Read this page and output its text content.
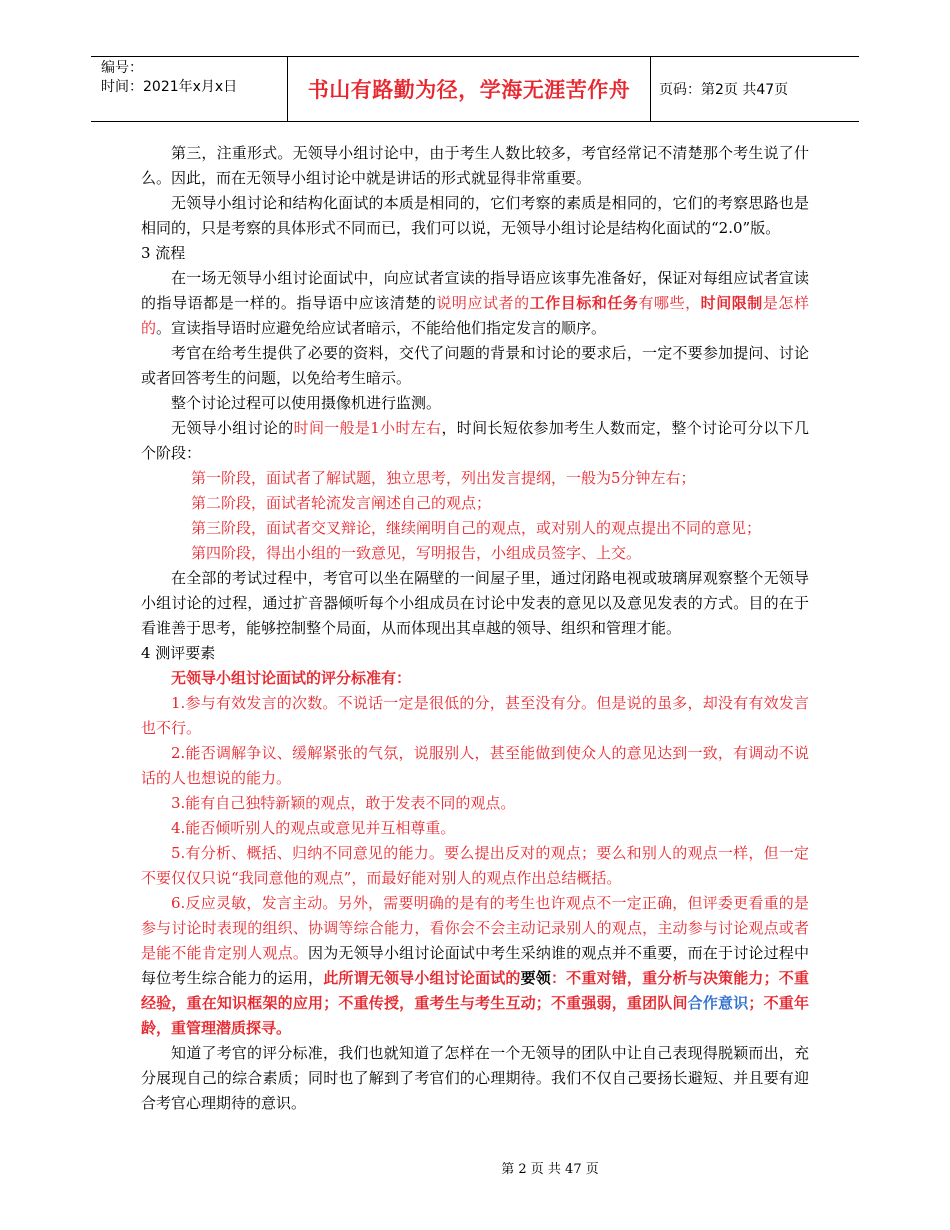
编号：
时间：2021年x月x日	书山有路勤为径，学海无涯苦作舟	页码：第2页 共47页

第三，注重形式。无领导小组讨论中，由于考生人数比较多，考官经常记不清楚那个考生说了什么。因此，而在无领导小组讨论中就是讲话的形式就显得非常重要。

无领导小组讨论和结构化面试的本质是相同的，它们考察的素质是相同的，它们的考察思路也是相同的，只是考察的具体形式不同而已，我们可以说，无领导小组讨论是结构化面试的“2.0”版。

3 流程

在一场无领导小组讨论面试中，向应试者宣读的指导语应该事先准备好，保证对每组应试者宣读的指导语都是一样的。指导语中应该清楚的说明应试者的工作目标和任务有哪些，时间限制是怎样的。宣读指导语时应避免给应试者暗示，不能给他们指定发言的顺序。

考官在给考生提供了必要的资料，交代了问题的背景和讨论的要求后，一定不要参加提问、讨论或者回答考生的问题，以免给考生暗示。

整个讨论过程可以使用摄像机进行监测。

无领导小组讨论的时间一般是1小时左右，时间长短依参加考生人数而定，整个讨论可分以下几个阶段：

第一阶段，面试者了解试题，独立思考，列出发言提纲，一般为5分钟左右；

第二阶段，面试者轮流发言阐述自己的观点；

第三阶段，面试者交叉辩论，继续阐明自己的观点，或对别人的观点提出不同的意见；

第四阶段，得出小组的一致意见，写明报告，小组成员签字、上交。

在全部的考试过程中，考官可以坐在隔壁的一间屋子里，通过闭路电视或玻璃屏观察整个无领导小组讨论的过程，通过扩音器倾听每个小组成员在讨论中发表的意见以及意见发表的方式。目的在于看谁善于思考，能够控制整个局面，从而体现出其卓越的领导、组织和管理才能。

4 测评要素

无领导小组讨论面试的评分标准有：

1.参与有效发言的次数。不说话一定是很低的分，甚至没有分。但是说的虽多，却没有有效发言也不行。

2.能否调解争议、缓解紧张的气氛，说服别人，甚至能做到使众人的意见达到一致，有调动不说话的人也想说的能力。

3.能有自己独特新颖的观点，敢于发表不同的观点。

4.能否倾听别人的观点或意见并互相尊重。

5.有分析、概括、归纳不同意见的能力。要么提出反对的观点；要么和别人的观点一样，但一定不要仅仅只说“我同意他的观点”，而最好能对别人的观点作出总结概括。

6.反应灵敏，发言主动。另外，需要明确的是有的考生也许观点不一定正确，但评委更看重的是参与讨论时表现的组织、协调等综合能力，看你会不会主动记录别人的观点，主动参与讨论观点或者是能不能肯定别人观点。因为无领导小组讨论面试中考生采纳谁的观点并不重要，而在于讨论过程中每位考生综合能力的运用，此所谓无领导小组讨论面试的要领：不重对错，重分析与决策能力；不重经验，重在知识框架的应用；不重传授，重考生与考生互动；不重强弱，重团队间合作意识；不重年龄，重管理潜质探寻。

知道了考官的评分标准，我们也就知道了怎样在一个无领导的团队中让自己表现得脱颖而出，充分展现自己的综合素质；同时也了解到了考官们的心理期待。我们不仅自己要扬长避短、并且要有迎合考官心理期待的意识。

第 2 页 共 47 页
